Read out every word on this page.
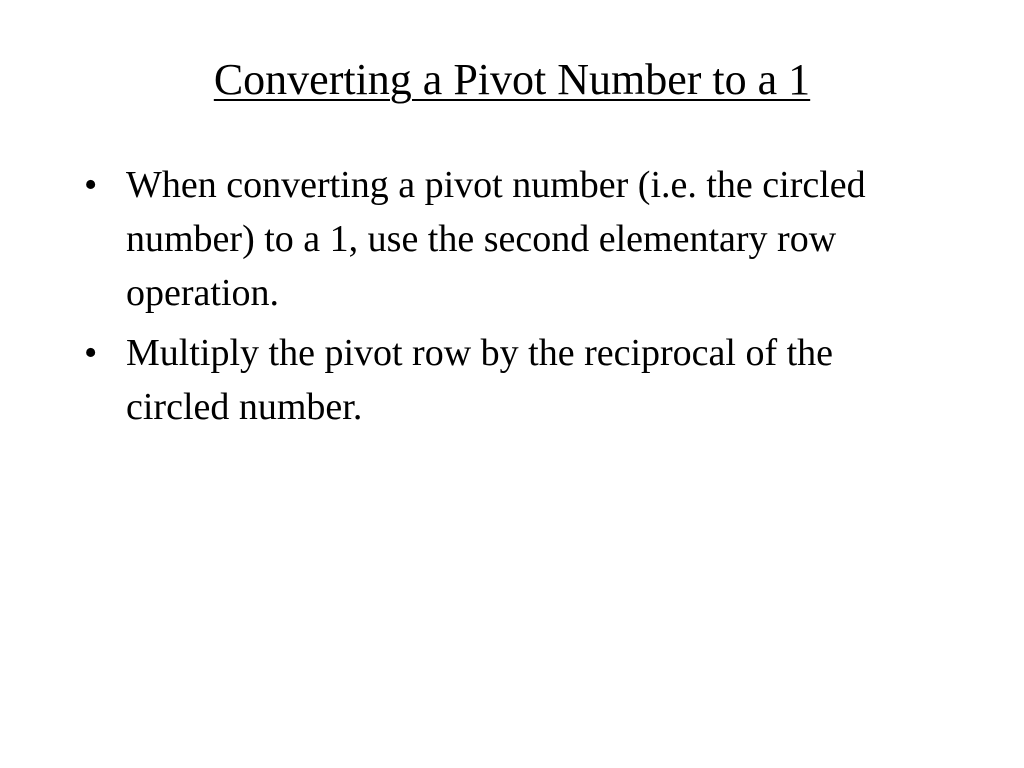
Converting a Pivot Number to a 1
• When converting a pivot number (i.e. the circled number) to a 1, use the second elementary row operation.
• Multiply the pivot row by the reciprocal of the circled number.
